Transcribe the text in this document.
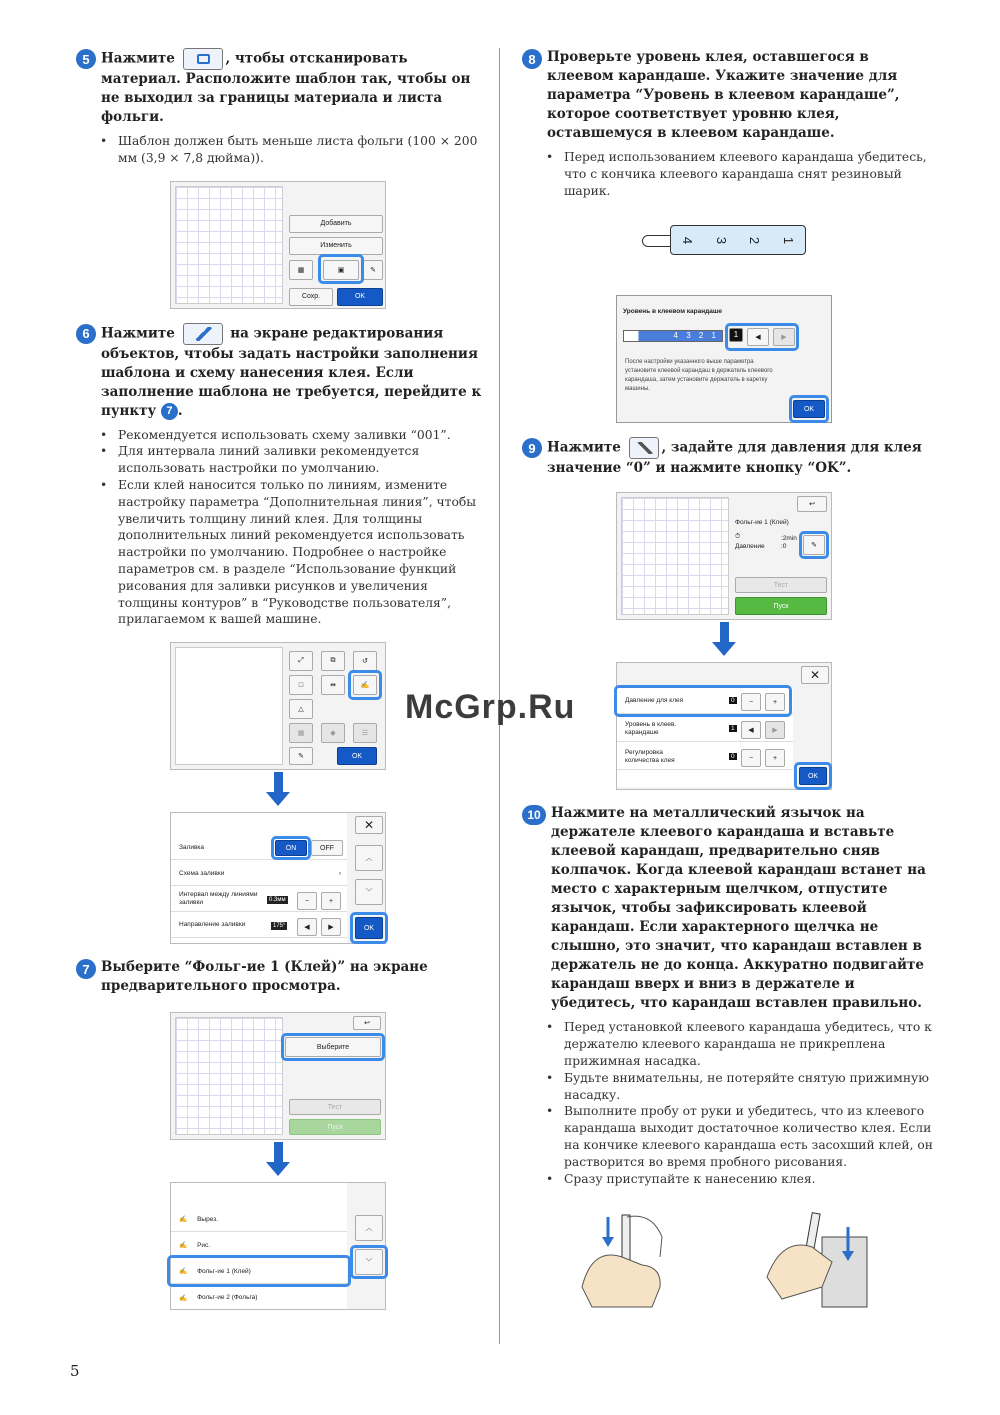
5 Нажмите	, чтобы отсканировать материал. Расположите шаблон так, чтобы он не выходил за границы материала и листа фольги.
• Шаблон должен быть меньше листа фольги (100 × 200 мм (3,9 × 7,8 дюйма)).
Добавить
Изменить
▦	▣	✎
Сохр.	OK
6 Нажмите	на экране редактирования объектов, чтобы задать настройки заполнения шаблона и схему нанесения клея. Если заполнение шаблона не требуется, перейдите к пункту 7 .
• Рекомендуется использовать схему заливки “001”.
• Для интервала линий заливки рекомендуется использовать настройки по умолчанию.
• Если клей наносится только по линиям, измените настройку параметра “Дополнительная линия”, чтобы увеличить толщину линий клея. Для толщины дополнительных линий рекомендуется использовать настройки по умолчанию. Подробнее о настройке параметров см. в разделе “Использование функций рисования для заливки рисунков и увеличения толщины контуров” в “Руководстве пользователя”, прилагаемом к вашей машине.
⤢	⧉	↺
□	⇹	✍
△
▦	◆	☰
✎	OK
Заливка	ON	OFF
Схема заливки	›
Интервал между линиями заливки	0.3мм	−	+
Направление заливки	175°	◀	▶
✕
︿
﹀
OK
7 Выберите “Фольг-ие 1 (Клей)” на экране предварительного просмотра.
↩
Выберите
Тест
Пуск
✍ Вырез.
✍ Рис.
✍ Фольг-ие 1 (Клей)
✍ Фольг-ие 2 (Фольга)
︿
﹀
8 Проверьте уровень клея, оставшегося в клеевом карандаше. Укажите значение для параметра “Уровень в клеевом карандаше”, которое соответствует уровню клея, оставшемуся в клеевом карандаше.
• Перед использованием клеевого карандаша убедитесь, что с кончика клеевого карандаша снят резиновый шарик.
4 3 2 1
Уровень в клеевом карандаше
4 3 2 1	1	◀	▶
После настройки указанного выше параметра установите клеевой карандаш в держатель клеевого карандаша, затем установите держатель в каретку машины.
OK
9 Нажмите	, задайте для давления для клея значение “0” и нажмите кнопку “OK”.
↩
Фольг-ие 1 (Клей)
⏱	:2min
Давление	:0	✎
Тест
Пуск
✕
Давление для клея	0	−	+
Уровень в клеев. карандаше
1	◀	▶
Регулировка количества клея
0	−	+
OK
10 Нажмите на металлический язычок на держателе клеевого карандаша и вставьте клеевой карандаш, предварительно сняв колпачок. Когда клеевой карандаш встанет на место с характерным щелчком, отпустите язычок, чтобы зафиксировать клеевой карандаш. Если характерного щелчка не слышно, это значит, что карандаш вставлен в держатель не до конца. Аккуратно подвигайте карандаш вверх и вниз в держателе и убедитесь, что карандаш вставлен правильно.
• Перед установкой клеевого карандаша убедитесь, что к держателю клеевого карандаша не прикреплена прижимная насадка.
• Будьте внимательны, не потеряйте снятую прижимную насадку.
• Выполните пробу от руки и убедитесь, что из клеевого карандаша выходит достаточное количество клея. Если на кончике клеевого карандаша есть засохший клей, он растворится во время пробного рисования.
• Сразу приступайте к нанесению клея.
McGrp.Ru
5
